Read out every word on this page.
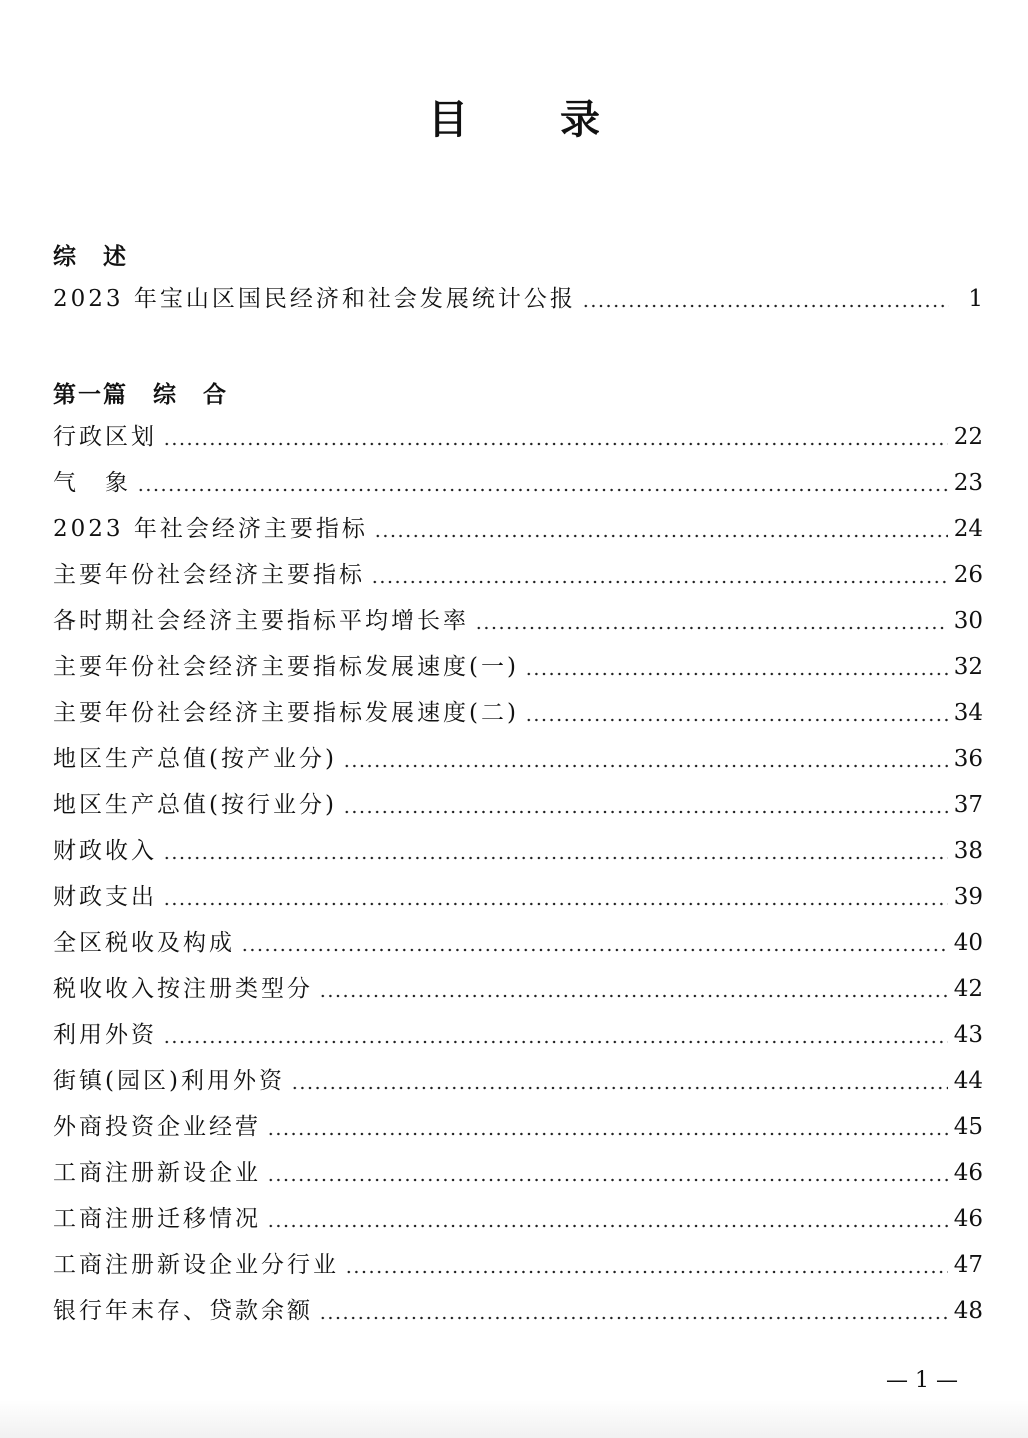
目 录
综　述
2023 年宝山区国民经济和社会发展统计公报	1
第一篇　综　合
行政区划	22
气　象	23
2023 年社会经济主要指标	24
主要年份社会经济主要指标	26
各时期社会经济主要指标平均增长率	30
主要年份社会经济主要指标发展速度(一)	32
主要年份社会经济主要指标发展速度(二)	34
地区生产总值(按产业分)	36
地区生产总值(按行业分)	37
财政收入	38
财政支出	39
全区税收及构成	40
税收收入按注册类型分	42
利用外资	43
街镇(园区)利用外资	44
外商投资企业经营	45
工商注册新设企业	46
工商注册迁移情况	46
工商注册新设企业分行业	47
银行年末存、贷款余额	48
— 1 —
